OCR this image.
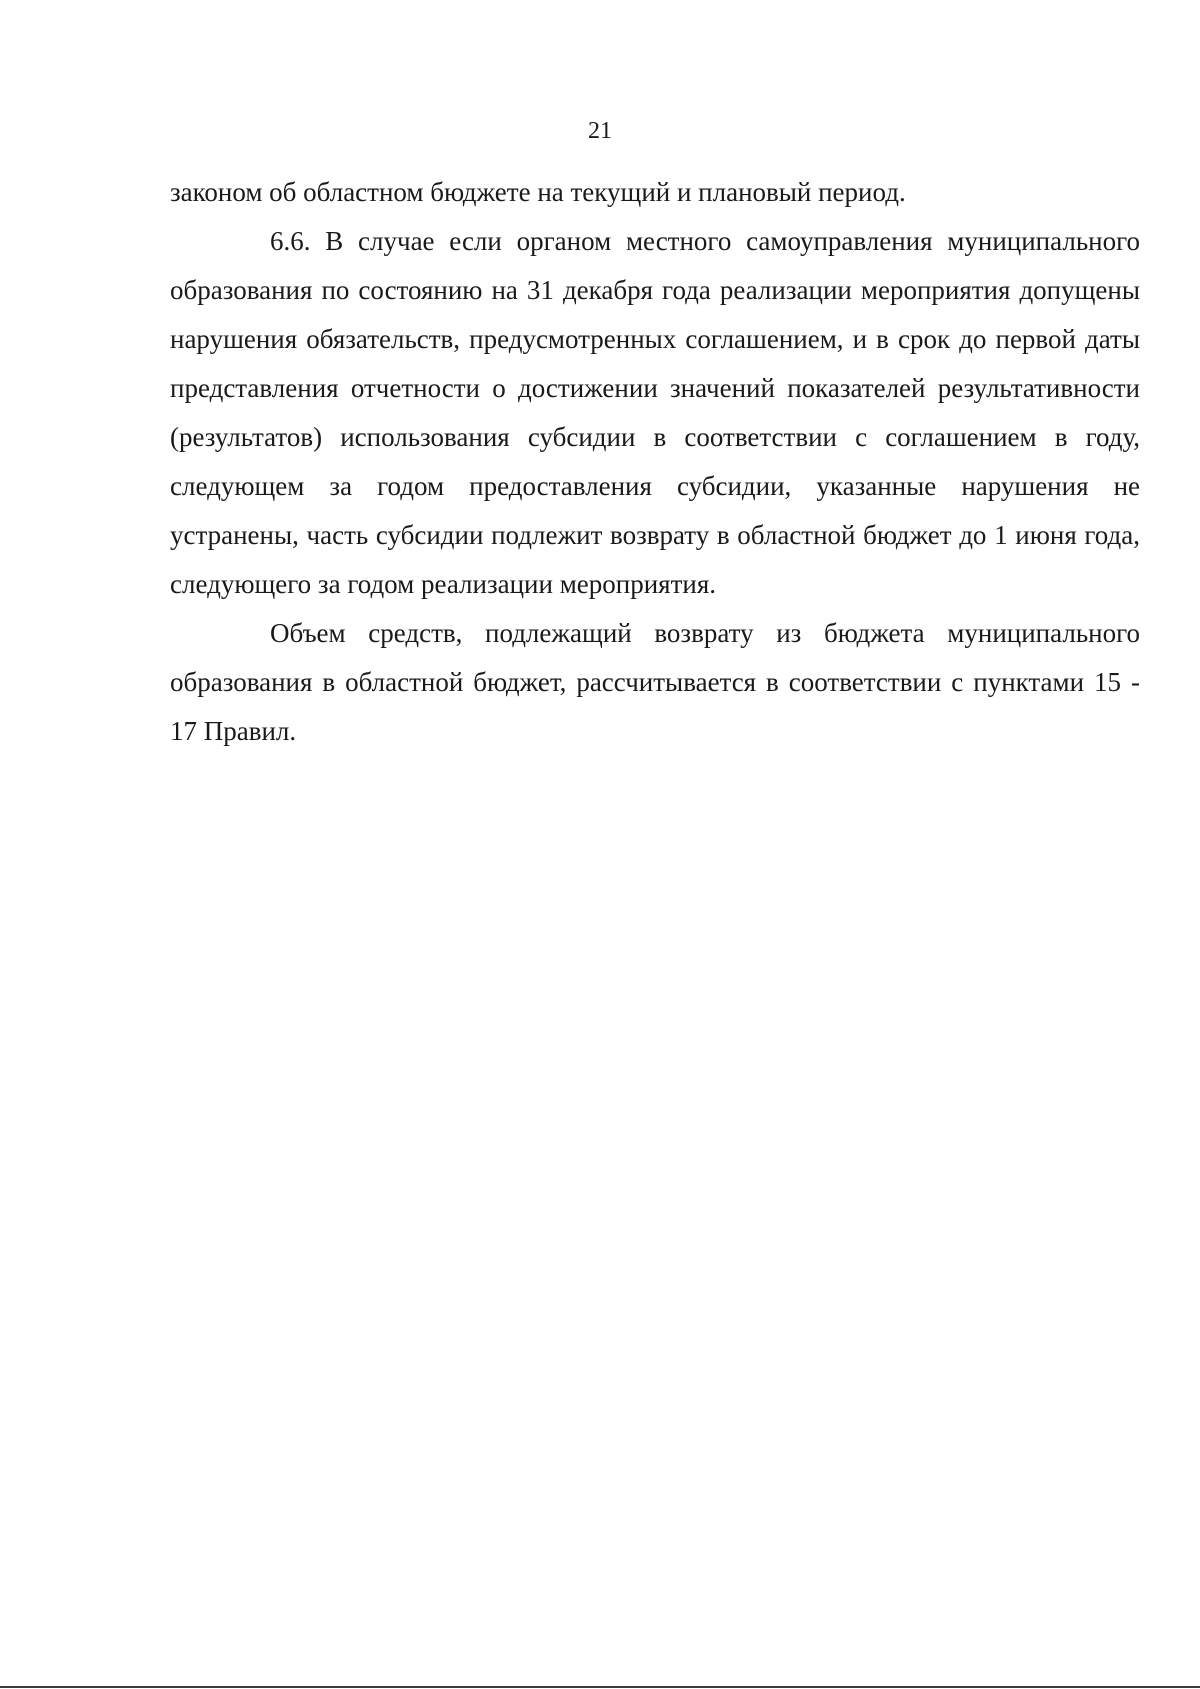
21

законом об областном бюджете на текущий и плановый период.

6.6. В случае если органом местного самоуправления муниципального образования по состоянию на 31 декабря года реализации мероприятия допущены нарушения обязательств, предусмотренных соглашением, и в срок до первой даты представления отчетности о достижении значений показателей результативности (результатов) использования субсидии в соответствии с соглашением в году, следующем за годом предоставления субсидии, указанные нарушения не устранены, часть субсидии подлежит возврату в областной бюджет до 1 июня года, следующего за годом реализации мероприятия.

Объем средств, подлежащий возврату из бюджета муниципального образования в областной бюджет, рассчитывается в соответствии с пунктами 15 - 17 Правил.
